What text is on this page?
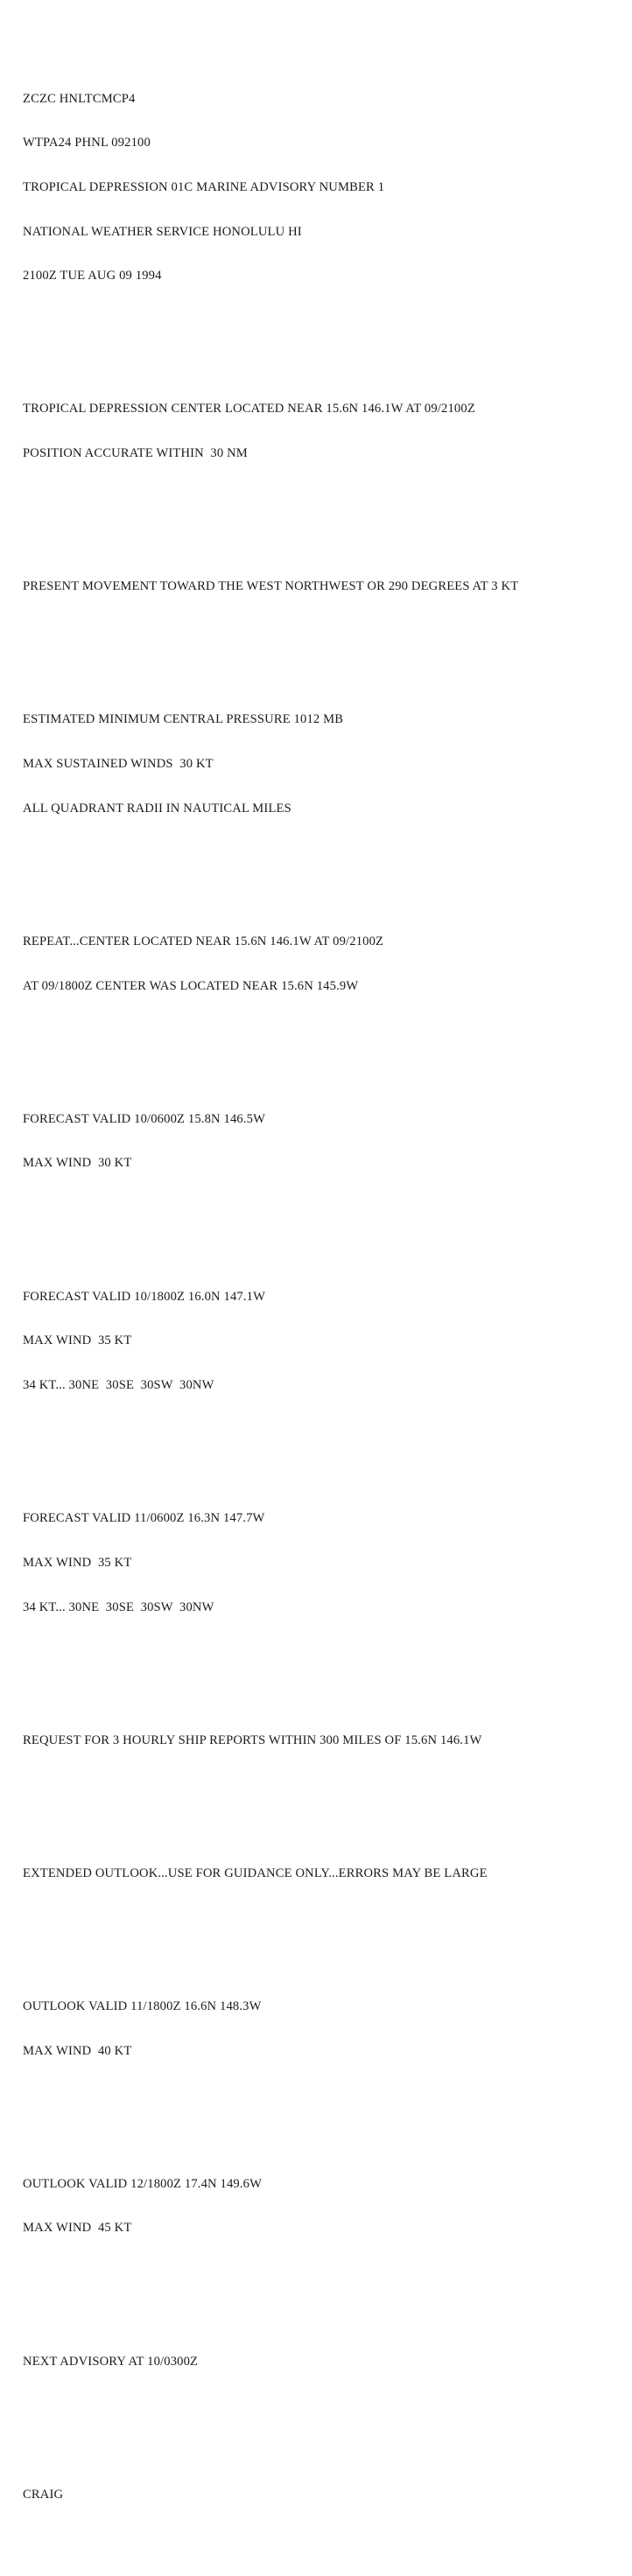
ZCZC HNLTCMCP4

WTPA24 PHNL 092100

TROPICAL DEPRESSION 01C MARINE ADVISORY NUMBER 1

NATIONAL WEATHER SERVICE HONOLULU HI

2100Z TUE AUG 09 1994

TROPICAL DEPRESSION CENTER LOCATED NEAR 15.6N 146.1W AT 09/2100Z

POSITION ACCURATE WITHIN  30 NM

PRESENT MOVEMENT TOWARD THE WEST NORTHWEST OR 290 DEGREES AT 3 KT

ESTIMATED MINIMUM CENTRAL PRESSURE 1012 MB

MAX SUSTAINED WINDS  30 KT

ALL QUADRANT RADII IN NAUTICAL MILES

REPEAT...CENTER LOCATED NEAR 15.6N 146.1W AT 09/2100Z

AT 09/1800Z CENTER WAS LOCATED NEAR 15.6N 145.9W

FORECAST VALID 10/0600Z 15.8N 146.5W

MAX WIND  30 KT

FORECAST VALID 10/1800Z 16.0N 147.1W

MAX WIND  35 KT

34 KT... 30NE  30SE  30SW  30NW

FORECAST VALID 11/0600Z 16.3N 147.7W

MAX WIND  35 KT

34 KT... 30NE  30SE  30SW  30NW

REQUEST FOR 3 HOURLY SHIP REPORTS WITHIN 300 MILES OF 15.6N 146.1W

EXTENDED OUTLOOK...USE FOR GUIDANCE ONLY...ERRORS MAY BE LARGE

OUTLOOK VALID 11/1800Z 16.6N 148.3W

MAX WIND  40 KT

OUTLOOK VALID 12/1800Z 17.4N 149.6W

MAX WIND  45 KT

NEXT ADVISORY AT 10/0300Z

CRAIG
